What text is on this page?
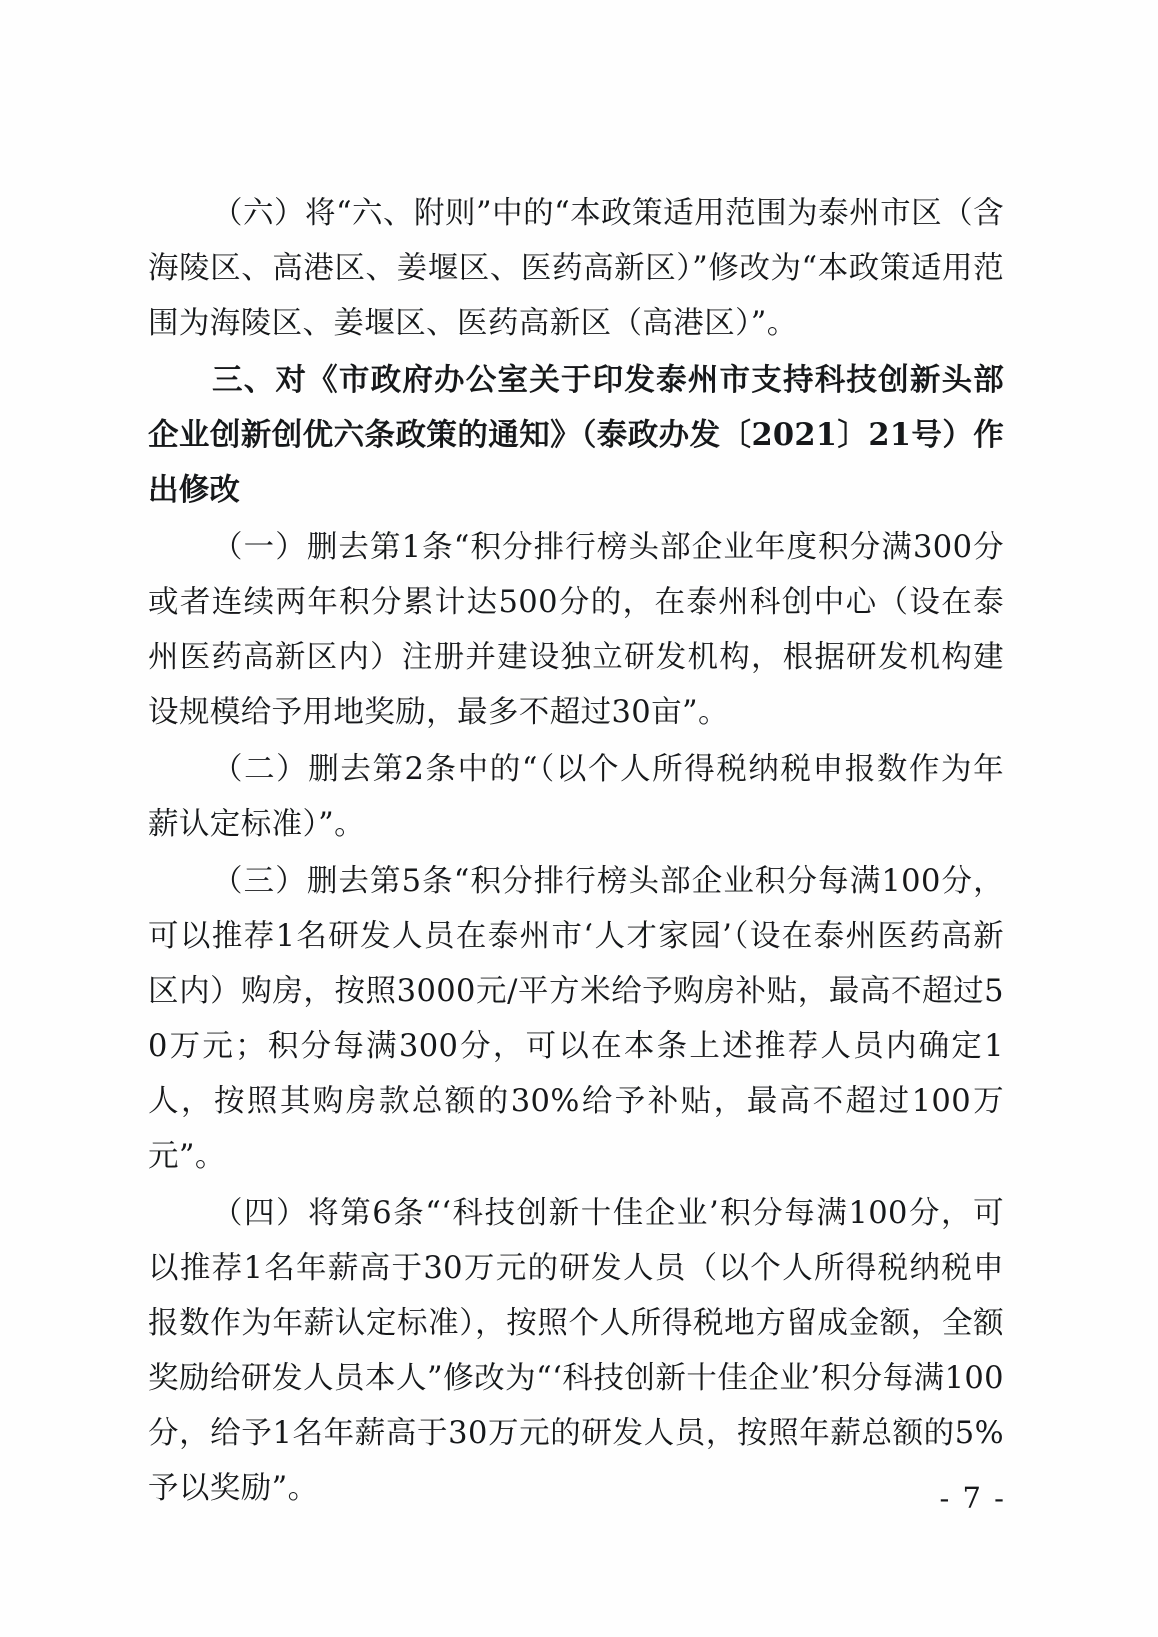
（六）将“六、附则”中的“本政策适用范围为泰州市区（含海陵区、高港区、姜堰区、医药高新区）”修改为“本政策适用范围为海陵区、姜堰区、医药高新区（高港区）”。

三、对《市政府办公室关于印发泰州市支持科技创新头部企业创新创优六条政策的通知》（泰政办发〔2021〕21号）作出修改

（一）删去第1条“积分排行榜头部企业年度积分满300分或者连续两年积分累计达500分的，在泰州科创中心（设在泰州医药高新区内）注册并建设独立研发机构，根据研发机构建设规模给予用地奖励，最多不超过30亩”。

（二）删去第2条中的“（以个人所得税纳税申报数作为年薪认定标准）”。

（三）删去第5条“积分排行榜头部企业积分每满100分，可以推荐1名研发人员在泰州市‘人才家园’（设在泰州医药高新区内）购房，按照3000元/平方米给予购房补贴，最高不超过50万元；积分每满300分，可以在本条上述推荐人员内确定1人，按照其购房款总额的30%给予补贴，最高不超过100万元”。

（四）将第6条“‘科技创新十佳企业’积分每满100分，可以推荐1名年薪高于30万元的研发人员（以个人所得税纳税申报数作为年薪认定标准），按照个人所得税地方留成金额，全额奖励给研发人员本人”修改为“‘科技创新十佳企业’积分每满100分，给予1名年薪高于30万元的研发人员，按照年薪总额的5%予以奖励”。	- 7 -
